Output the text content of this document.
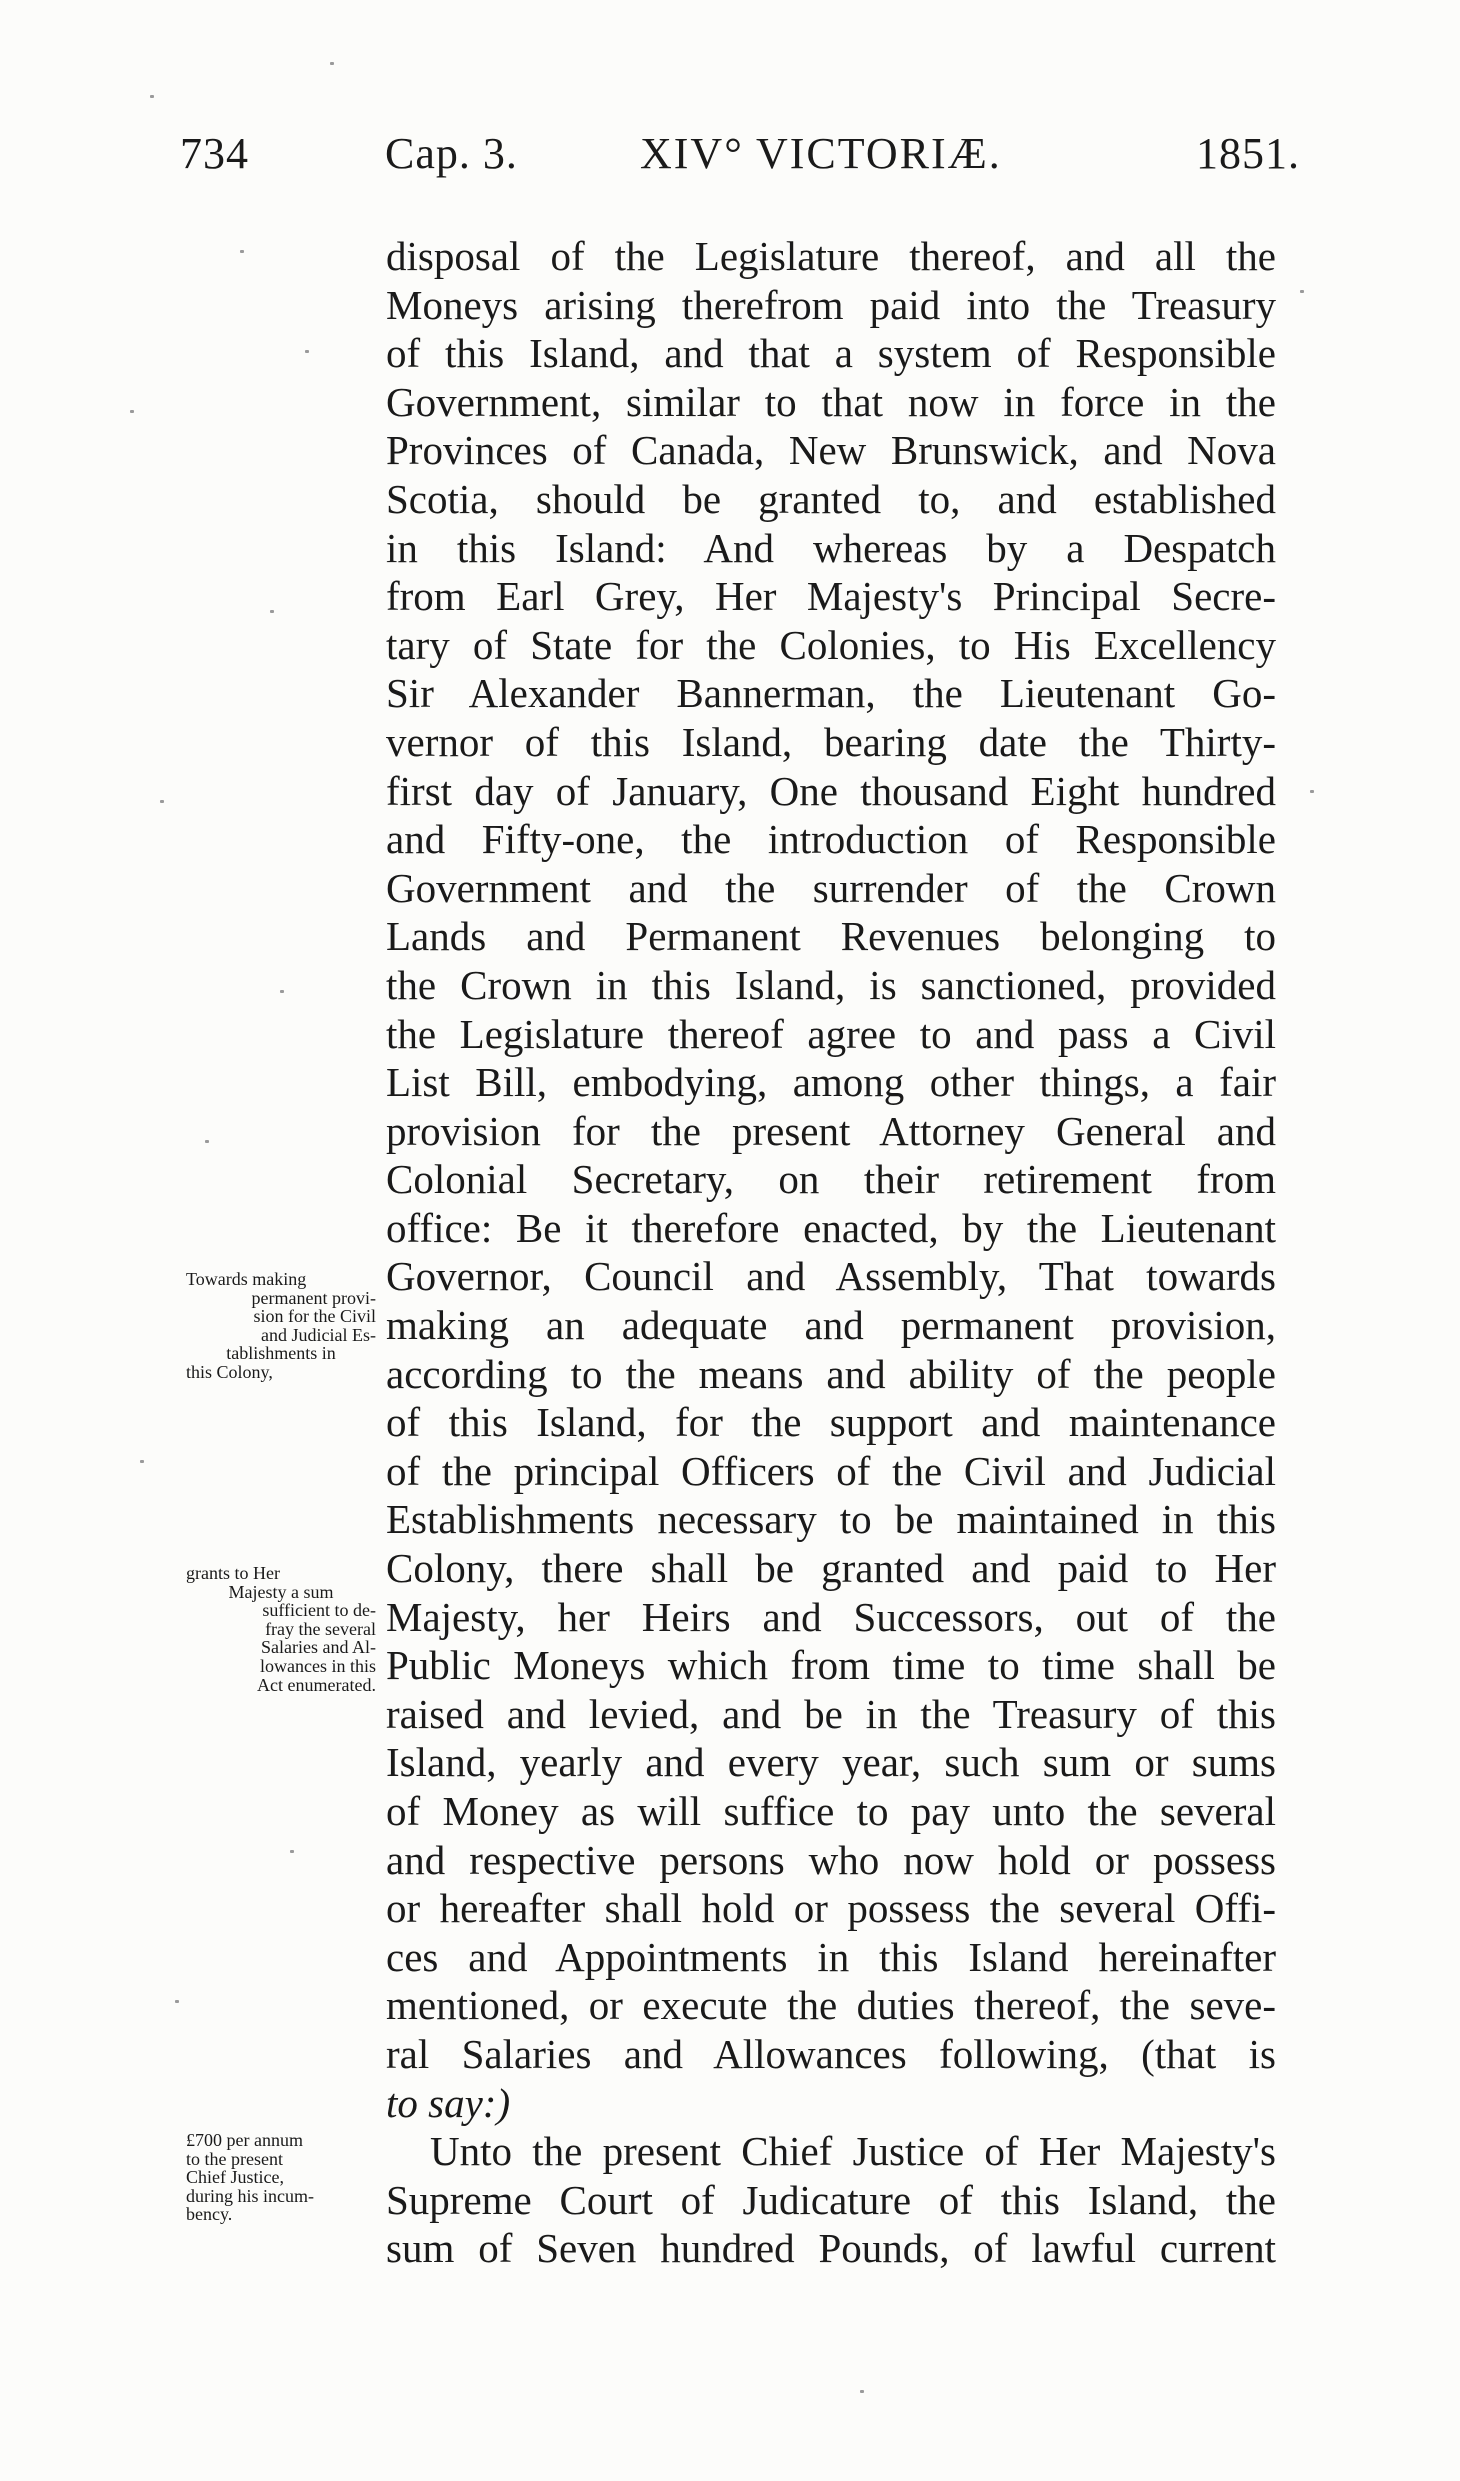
734	Cap. 3.	XIV° VICTORIÆ.	1851.
Towards making
permanent provi-
sion for the Civil
and Judicial Es-
tablishments in
this Colony,
grants to Her
Majesty a sum
sufficient to de-
fray the several
Salaries and Al-
lowances in this
Act enumerated.
£700 per annum
to the present
Chief Justice,
during his incum-
bency.
disposal of the Legislature thereof, and all the
Moneys arising therefrom paid into the Treasury
of this Island, and that a system of Responsible
Government, similar to that now in force in the
Provinces of Canada, New Brunswick, and Nova
Scotia, should be granted to, and established
in this Island: And whereas by a Despatch
from Earl Grey, Her Majesty's Principal Secre-
tary of State for the Colonies, to His Excellency
Sir Alexander Bannerman, the Lieutenant Go-
vernor of this Island, bearing date the Thirty-
first day of January, One thousand Eight hundred
and Fifty-one, the introduction of Responsible
Government and the surrender of the Crown
Lands and Permanent Revenues belonging to
the Crown in this Island, is sanctioned, provided
the Legislature thereof agree to and pass a Civil
List Bill, embodying, among other things, a fair
provision for the present Attorney General and
Colonial Secretary, on their retirement from
office: Be it therefore enacted, by the Lieutenant
Governor, Council and Assembly, That towards
making an adequate and permanent provision,
according to the means and ability of the people
of this Island, for the support and maintenance
of the principal Officers of the Civil and Judicial
Establishments necessary to be maintained in this
Colony, there shall be granted and paid to Her
Majesty, her Heirs and Successors, out of the
Public Moneys which from time to time shall be
raised and levied, and be in the Treasury of this
Island, yearly and every year, such sum or sums
of Money as will suffice to pay unto the several
and respective persons who now hold or possess
or hereafter shall hold or possess the several Offi-
ces and Appointments in this Island hereinafter
mentioned, or execute the duties thereof, the seve-
ral Salaries and Allowances following, (that is
to say:)
Unto the present Chief Justice of Her Majesty's
Supreme Court of Judicature of this Island, the
sum of Seven hundred Pounds, of lawful current
